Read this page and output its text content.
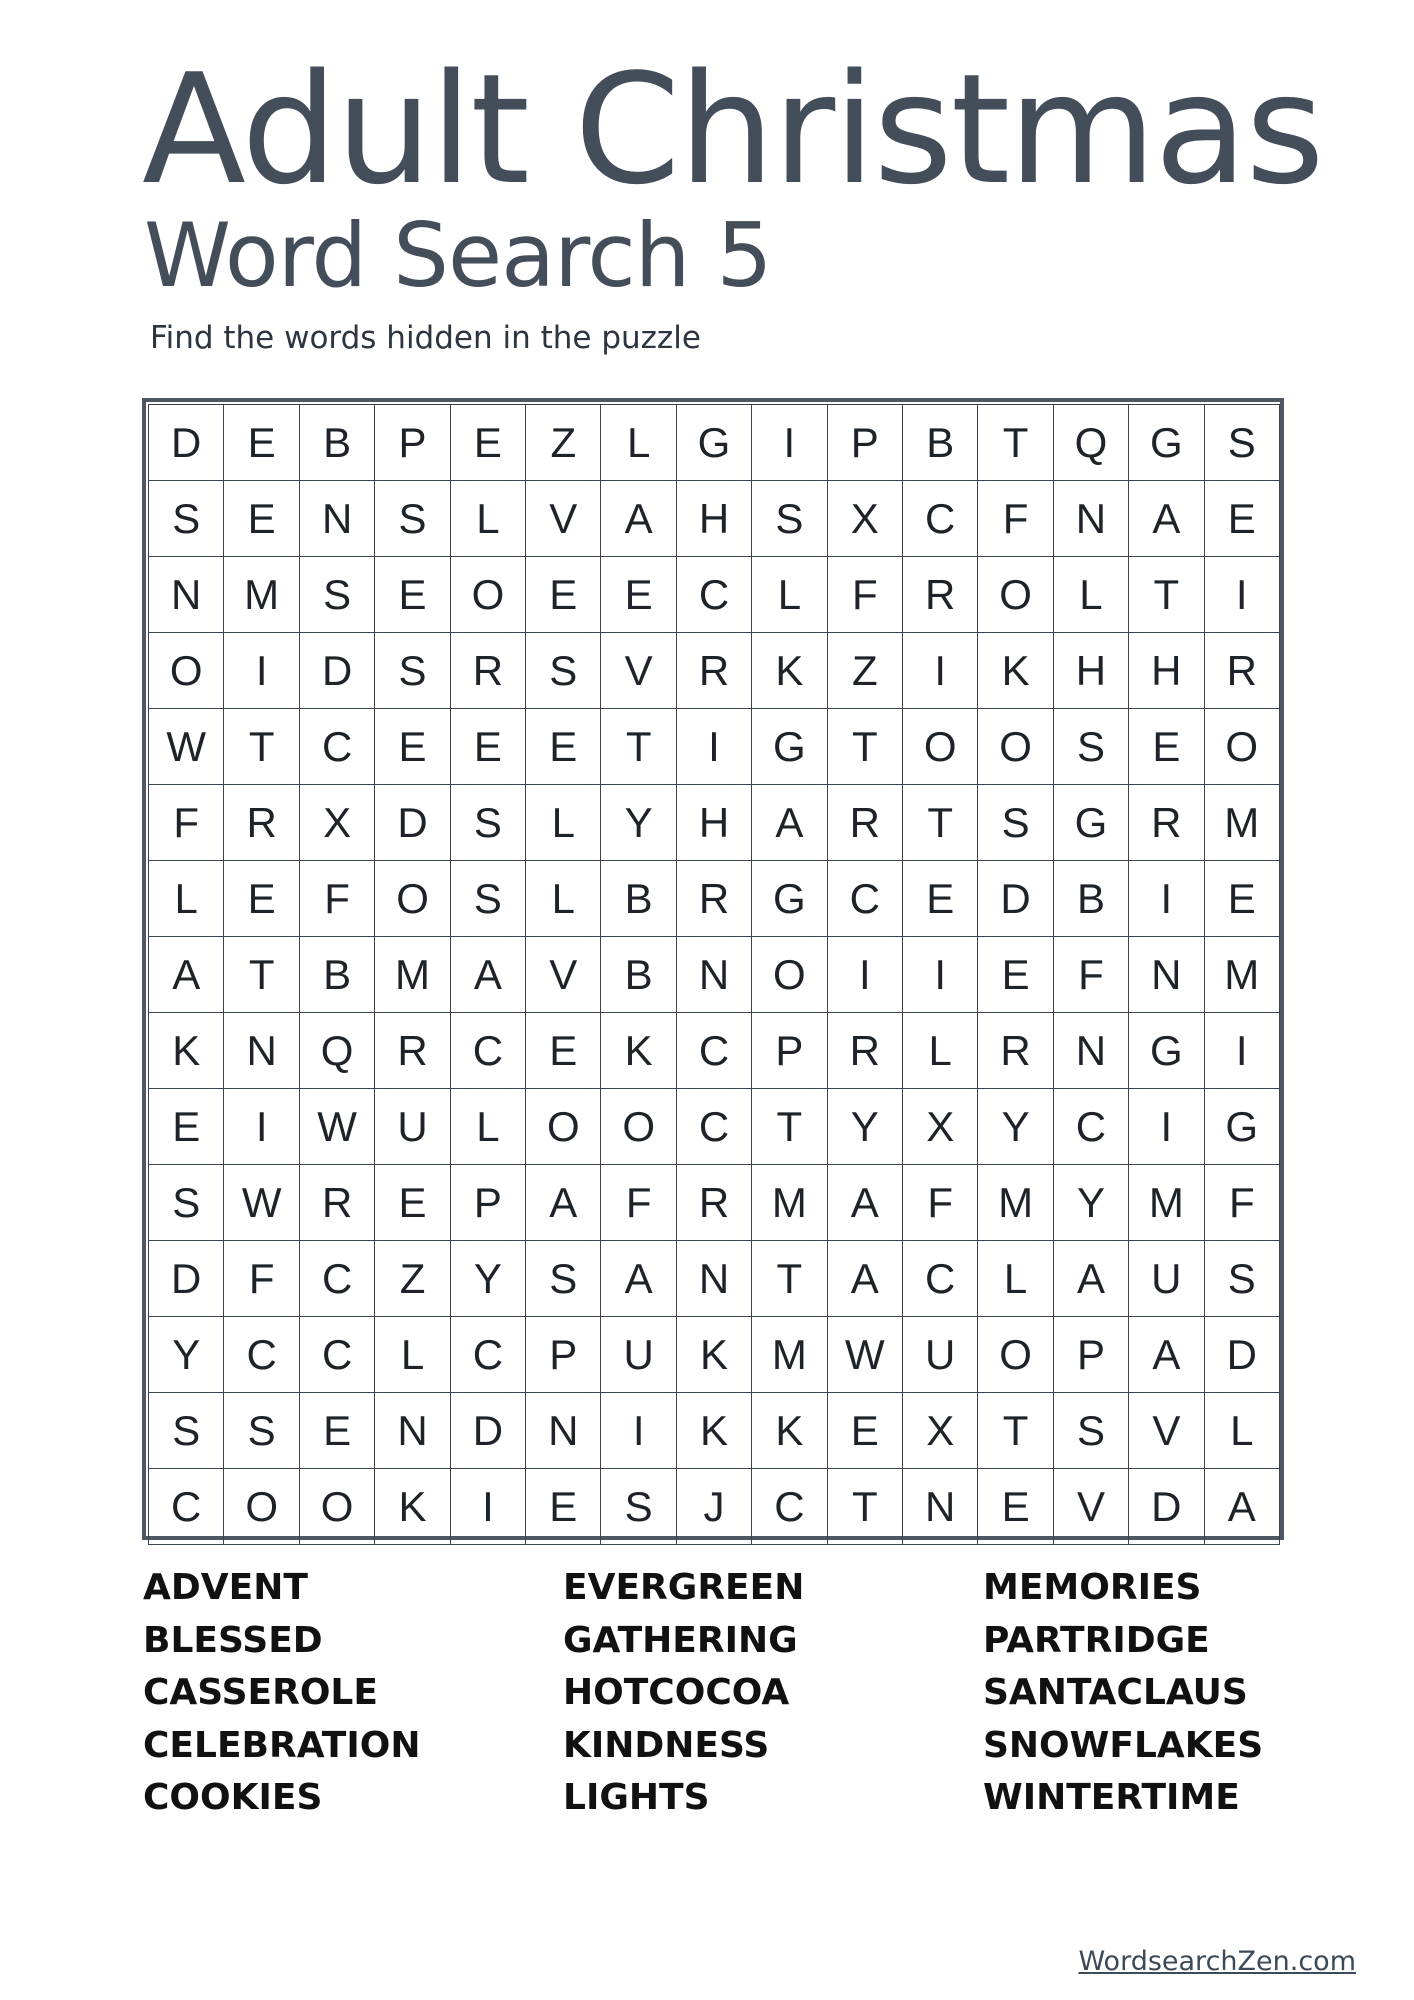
Adult Christmas
Word Search 5
Find the words hidden in the puzzle
D	E	B	P	E	Z	L	G	I	P	B	T	Q	G	S
S	E	N	S	L	V	A	H	S	X	C	F	N	A	E
N	M	S	E	O	E	E	C	L	F	R	O	L	T	I
O	I	D	S	R	S	V	R	K	Z	I	K	H	H	R
W	T	C	E	E	E	T	I	G	T	O	O	S	E	O
F	R	X	D	S	L	Y	H	A	R	T	S	G	R	M
L	E	F	O	S	L	B	R	G	C	E	D	B	I	E
A	T	B	M	A	V	B	N	O	I	I	E	F	N	M
K	N	Q	R	C	E	K	C	P	R	L	R	N	G	I
E	I	W	U	L	O	O	C	T	Y	X	Y	C	I	G
S	W	R	E	P	A	F	R	M	A	F	M	Y	M	F
D	F	C	Z	Y	S	A	N	T	A	C	L	A	U	S
Y	C	C	L	C	P	U	K	M	W	U	O	P	A	D
S	S	E	N	D	N	I	K	K	E	X	T	S	V	L
C	O	O	K	I	E	S	J	C	T	N	E	V	D	A
ADVENT
BLESSED
CASSEROLE
CELEBRATION
COOKIES
EVERGREEN
GATHERING
HOTCOCOA
KINDNESS
LIGHTS
MEMORIES
PARTRIDGE
SANTACLAUS
SNOWFLAKES
WINTERTIME
WordsearchZen.com
